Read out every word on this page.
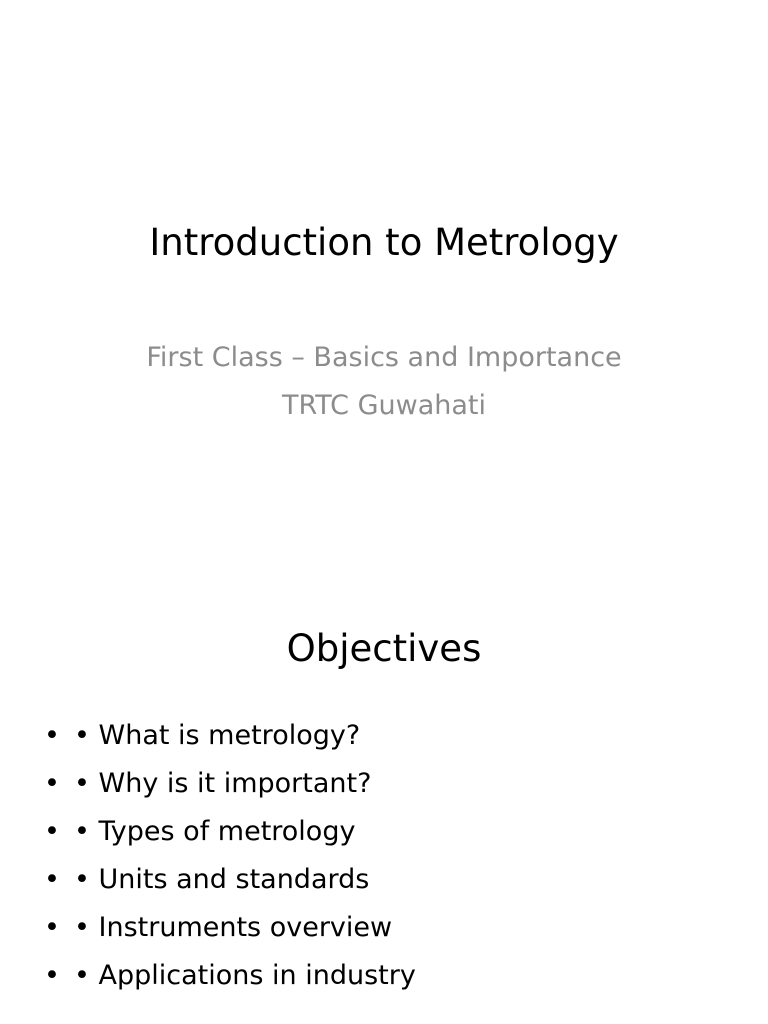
Introduction to Metrology
First Class – Basics and Importance
TRTC Guwahati
Objectives
• • What is metrology?
• • Why is it important?
• • Types of metrology
• • Units and standards
• • Instruments overview
• • Applications in industry
